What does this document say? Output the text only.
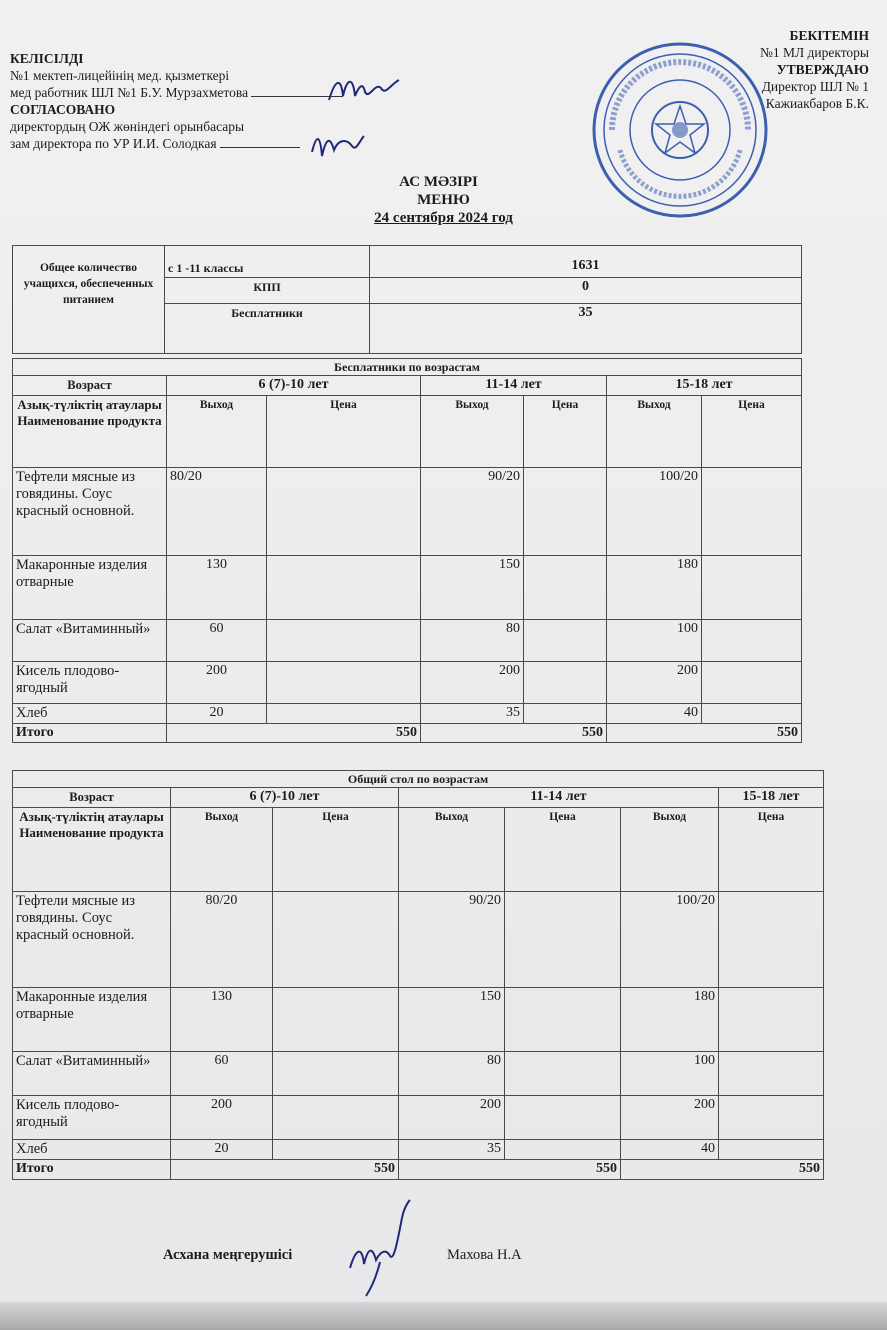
КЕЛІСІЛДІ
№1 мектеп-лицейінің мед. қызметкері
мед работник ШЛ №1 Б.У. Мурзахметова
СОГЛАСОВАНО
директордың ОЖ жөніндегі орынбасары
зам директора по УР И.И. Солодкая
БЕКІТЕМІН
№1 МЛ директоры
УТВЕРЖДАЮ
Директор ШЛ № 1
Кажиакбаров Б.К.
АС МӘЗІРІ
МЕНЮ
24 сентября 2024 год
Общее количество учащихся, обеспеченных питанием	с 1 -11 классы	1631
	КПП	0
	Бесплатники	35
Бесплатники по возрастам						
Возраст	6 (7)-10 лет		11-14 лет		15-18 лет	
Азық-түліктің атаулары Наименование продукта	Выход	Цена	Выход	Цена	Выход	Цена
Тефтели мясные из говядины. Соус красный основной.	80/20		90/20		100/20	
Макаронные изделия отварные	130		150		180	
Салат «Витаминный»	60		80		100	
Кисель плодово-ягодный	200		200		200	
Хлеб	20		35		40	
Итого	550		550		550	
Общий стол по возрастам						
Возраст	6 (7)-10 лет		11-14 лет			15-18 лет
Азық-түліктің атаулары Наименование продукта	Выход	Цена	Выход	Цена	Выход	Цена
Тефтели мясные из говядины. Соус красный основной.	80/20		90/20		100/20	
Макаронные изделия отварные	130		150		180	
Салат «Витаминный»	60		80		100	
Кисель плодово-ягодный	200		200		200	
Хлеб	20		35		40	
Итого	550		550		550	
Асхана меңгерушісі	Махова Н.А
